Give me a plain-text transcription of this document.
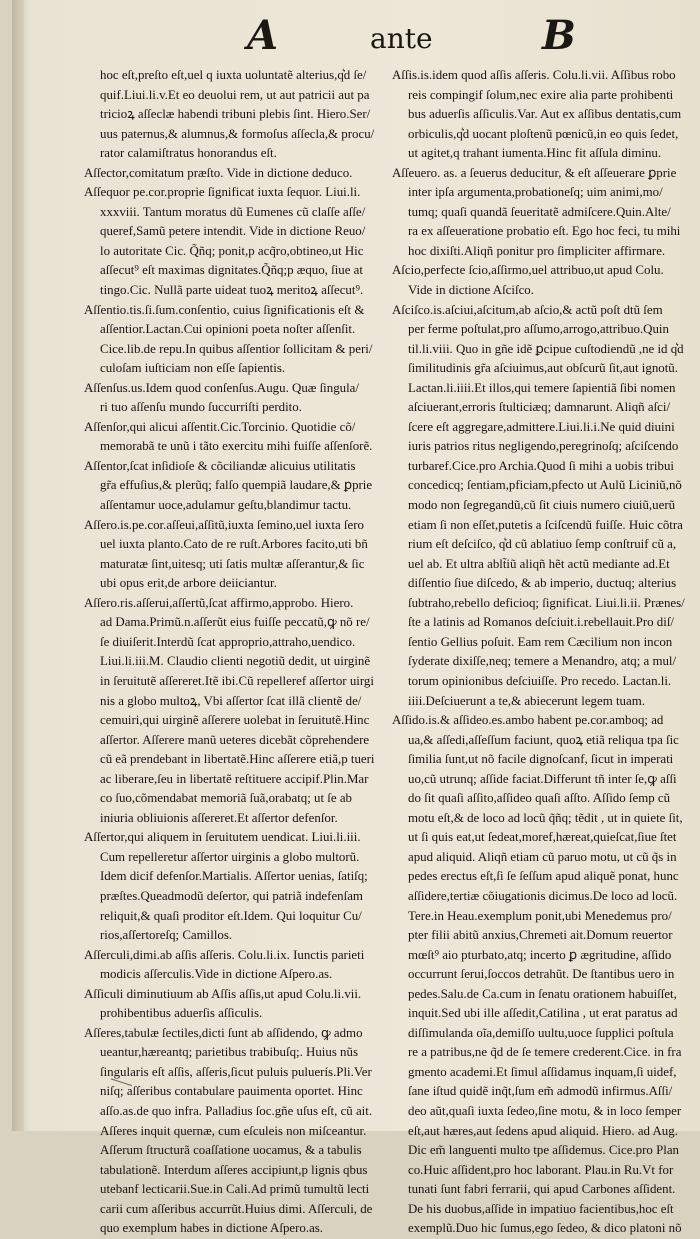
A	ante	B
hoc eſt,preſto eſt,uel q iuxta uoluntatẽ alterius,q͛d ſe/
quif.Liui.li.v.Et eo deuolui rem, ut aut patricii aut pa
tricioꝝ aſſeclæ habendi tribuni plebis ſint. Hiero.Ser/
uus paternus,& alumnus,& formoſus aſſecla,& procu/
rator calamiſtratus honorandus eſt.
Aſſector,comitatum præſto. Vide in dictione deduco.
Aſſequor pe.cor.proprie ſignificat iuxta ſequor. Liui.li.
xxxviii. Tantum moratus dũ Eumenes cũ claſſe aſſe/
queref,Samũ petere intendit. Vide in dictione Reuo/
lo autoritate Cic. Q̃ñq; ponit,p acq̃ro,obtineo,ut Hic
aſſecut⁹ eſt maximas dignitates.Q̃ñq;p æquo, ſiue at
tingo.Cic. Nullã parte uideat tuoꝝ meritoꝝ aſſecut⁹.
Aſſentio.tis.ſi.ſum.conſentio, cuius ſignificationis eſt &
aſſentior.Lactan.Cui opinioni poeta noſter aſſenſit.
Cice.lib.de repu.In quibus aſſentior ſollicitam & peri/
culoſam iuſticiam non eſſe ſapientis.
Aſſenſus.us.Idem quod conſenſus.Augu. Quæ ſingula/
ri tuo aſſenſu mundo ſuccurriſti perdito.
Aſſenſor,qui alicui aſſentit.Cic.Torcinio. Quotidie cõ/
memorabã te unũ i tãto exercitu mihi fuiſſe aſſenſorẽ.
Aſſentor,ſcat inſidioſe & cõciliandæ alicuius utilitatis
gr̃a effuſius,& plerũq; falſo quempiã laudare,& ꝑprie
aſſentamur uoce,adulamur geſtu,blandimur tactu.
Aſſero.is.pe.cor.aſſeui,aſſitũ,iuxta ſemino,uel iuxta ſero
uel iuxta planto.Cato de re ruſt.Arbores facito,uti bñ
maturatæ ſint,uitesq; uti ſatis multæ aſſerantur,& ſic
ubi opus erit,de arbore deiiciantur.
Aſſero.ris.aſſerui,aſſertũ,ſcat affirmo,approbo. Hiero.
ad Dama.Primũ.n.aſſerũt eius fuiſſe peccatũ,ꝙ nõ re/
ſe diuiſerit.Interdũ ſcat approprio,attraho,uendico.
Liui.li.iii.M. Claudio clienti negotiũ dedit, ut uirginẽ
in ſeruitutẽ aſſereret.Itẽ ibi.Cũ repelleref aſſertor uirgi
nis a globo multoꝝ, Vbi aſſertor ſcat illã clientẽ de/
cemuiri,qui uirginẽ aſſerere uolebat in ſeruitutẽ.Hinc
aſſertor. Aſſerere manũ ueteres dicebãt cõprehendere
cũ eã prendebant in libertatẽ.Hinc aſſerere etiã,p tueri
ac liberare,ſeu in libertatẽ reſtituere accipif.Plin.Mar
co ſuo,cõmendabat memoriã ſuã,orabatq; ut ſe ab
iniuria obliuionis aſſereret.Et aſſertor defenſor.
Aſſertor,qui aliquem in ſeruitutem uendicat. Liui.li.iii.
Cum repelleretur aſſertor uirginis a globo multorũ.
Idem dicif defenſor.Martialis. Aſſertor uenias, ſatiſq;
præſtes.Queadmodũ deſertor, qui patriã indefenſam
reliquit,& quaſi proditor eſt.Idem. Qui loquitur Cu/
rios,aſſertoreſq; Camillos.
Aſſerculi,dimi.ab aſſis aſſeris. Colu.li.ix. Iunctis parieti
modicis aſſerculis.Vide in dictione Aſpero.as.
Aſſiculi diminutiuum ab Aſſis aſſis,ut apud Colu.li.vii.
prohibentibus aduerſis aſſiculis.
Aſſeres,tabulæ ſectiles,dicti ſunt ab aſſidendo, ꝙ admo
ueantur,hæreantq; parietibus trabibuſq;. Huius nũs
ſingularis eſt aſſis, aſſeris,ſicut puluis puluerís.Pli.Ver
niſq; aſſeribus contabulare pauimenta oportet. Hinc
aſſo.as.de quo infra. Palladius ſoc.gñe uſus eſt, cũ ait.
Aſſeres inquit quernæ, cum eſculeis non miſceantur.
Aſſerum ſtructurã coaſſatione uocamus, & a tabulis
tabulationẽ. Interdum aſſeres accipiunt,p lignis qbus
utebanf lecticarii.Sue.in Cali.Ad primũ tumultũ lecti
carii cum aſſeribus accurrũt.Huius dimi. Aſſerculi, de
quo exemplum habes in dictione Aſpero.as.
Aſſis.is.idem quod aſſis aſſeris. Colu.li.vii. Aſſibus robo
reis compingif ſolum,nec exire alia parte prohibenti
bus aduerſis aſſiculis.Var. Aut ex aſſibus dentatis,cum
orbiculis,q͛d uocant ploſtenũ pœnicũ,in eo quis ſedet,
ut agitet,q trahant iumenta.Hinc fit aſſula diminu.
Aſſeuero. as. a ſeuerus deducitur, & eſt aſſeuerare ꝑprie
inter ipſa argumenta,probationeſq; uim animi,mo/
tumq; quaſi quandã ſeueritatẽ admiſcere.Quin.Alte/
ra ex aſſeueratione probatio eſt. Ego hoc feci, tu mihi
hoc dixiſti.Aliqñ ponitur pro ſimpliciter affirmare.
Aſcio,perfecte ſcio,aſſirmo,uel attribuo,ut apud Colu.
Vide in dictione Aſciſco.
Aſciſco.is.aſciui,aſcitum,ab aſcio,& actũ poſt dtũ ſem
per ferme poſtulat,pro aſſumo,arrogo,attribuo.Quin
til.li.viii. Quo in gñe idẽ ꝑcipue cuſtodiendũ ,ne id q͛d
ſimilitudinis gr̃a aſciuimus,aut obſcurũ ſit,aut ignotũ.
Lactan.li.iiii.Et illos,qui temere ſapientiã ſibi nomen
aſciuerant,erroris ſtulticiæq; damnarunt. Aliqñ aſci/
ſcere eſt aggregare,admittere.Liui.li.i.Ne quid diuini
iuris patrios ritus negligendo,peregrinoſq; aſciſcendo
turbaref.Cice.pro Archia.Quod ſi mihi a uobis tribui
concedicq; ſentiam,pficiam,pfecto ut Aulũ Liciniũ,nõ
modo non ſegregandũ,cũ ſit ciuis numero ciuiũ,uerũ
etiam ſi non eſſet,putetis a ſciſcendũ fuiſſe. Huic cõtra
rium eſt deſciſco, q͛d cũ ablatiuo ſemp conſtruif cũ a,
uel ab. Et ultra ablt̃iũ aliqñ hẽt actũ mediante ad.Et
diſſentio ſiue diſcedo, & ab imperio, ductuq; alterius
ſubtraho,rebello deficioq; ſignificat. Liui.li.ii. Prænes/
ſte a latinis ad Romanos deſciuit.i.rebellauit.Pro diſ/
ſentio Gellius poſuit. Eam rem Cæcilium non incon
ſyderate dixiſſe,neq; temere a Menandro, atq; a mul/
torum opinionibus deſciuiſſe. Pro recedo. Lactan.li.
iiii.Deſciuerunt a te,& abiecerunt legem tuam.
Aſſido.is.& aſſideo.es.ambo habent pe.cor.amboq; ad
ua,& aſſedi,aſſeſſum faciunt, quoꝝ etiã reliqua tpa ſic
ſimilia ſunt,ut nõ facile dignoſcanf, ſicut in imperati
uo,cũ utrunq; aſſide faciat.Differunt tñ inter ſe,ꝙ aſſi
do ſit quaſi aſſito,aſſideo quaſi aſſto. Aſſido ſemp cũ
motu eſt,& de loco ad locũ q̃ñq; tẽdit , ut in quiete ſit,
ut ſi quis eat,ut ſedeat,moref,hæreat,quieſcat,ſiue ſtet
apud aliquid. Aliqñ etiam cũ paruo motu, ut cũ q̃s in
pedes erectus eſt,ſi ſe ſeſſum apud aliquẽ ponat, hunc
aſſidere,tertiæ cõiugationis dicimus.De loco ad locũ.
Tere.in Heau.exemplum ponit,ubi Menedemus pro/
pter filii abitũ anxius,Chremeti ait.Domum reuertor
mœſt⁹ aio pturbato,atq; incerto ꝑ ægritudine, aſſido
occurrunt ſerui,ſoccos detrahũt. De ſtantibus uero in
pedes.Salu.de Ca.cum in ſenatu orationem habuiſſet,
inquit.Sed ubi ille aſſedit,Catilina , ut erat paratus ad
diſſimulanda oĩa,demiſſo uultu,uoce ſupplici poſtula
re a patribus,ne q̃d de ſe temere crederent.Cice. in fra
gmento academi.Et ſimul aſſidamus inquam,ſi uidef,
ſane iſtud quidẽ inq̃t,ſum em̃ admodũ infirmus.Aſſi/
deo aũt,quaſi iuxta ſedeo,ſine motu, & in loco ſemper
eſt,aut hæres,aut ſedens apud aliquid. Hiero. ad Aug.
Dic em̃ languenti multo tpe aſſidemus. Cice.pro Plan
co.Huic aſſident,pro hoc laborant. Plau.in Ru.Vt for
tunati ſunt fabri ferrarii, qui apud Carbones aſſident.
De his duobus,aſſide in impatiuo facientibus,hoc eſt
exemplũ.Duo hic ſumus,ego ſedeo, & dico platoni nõ
